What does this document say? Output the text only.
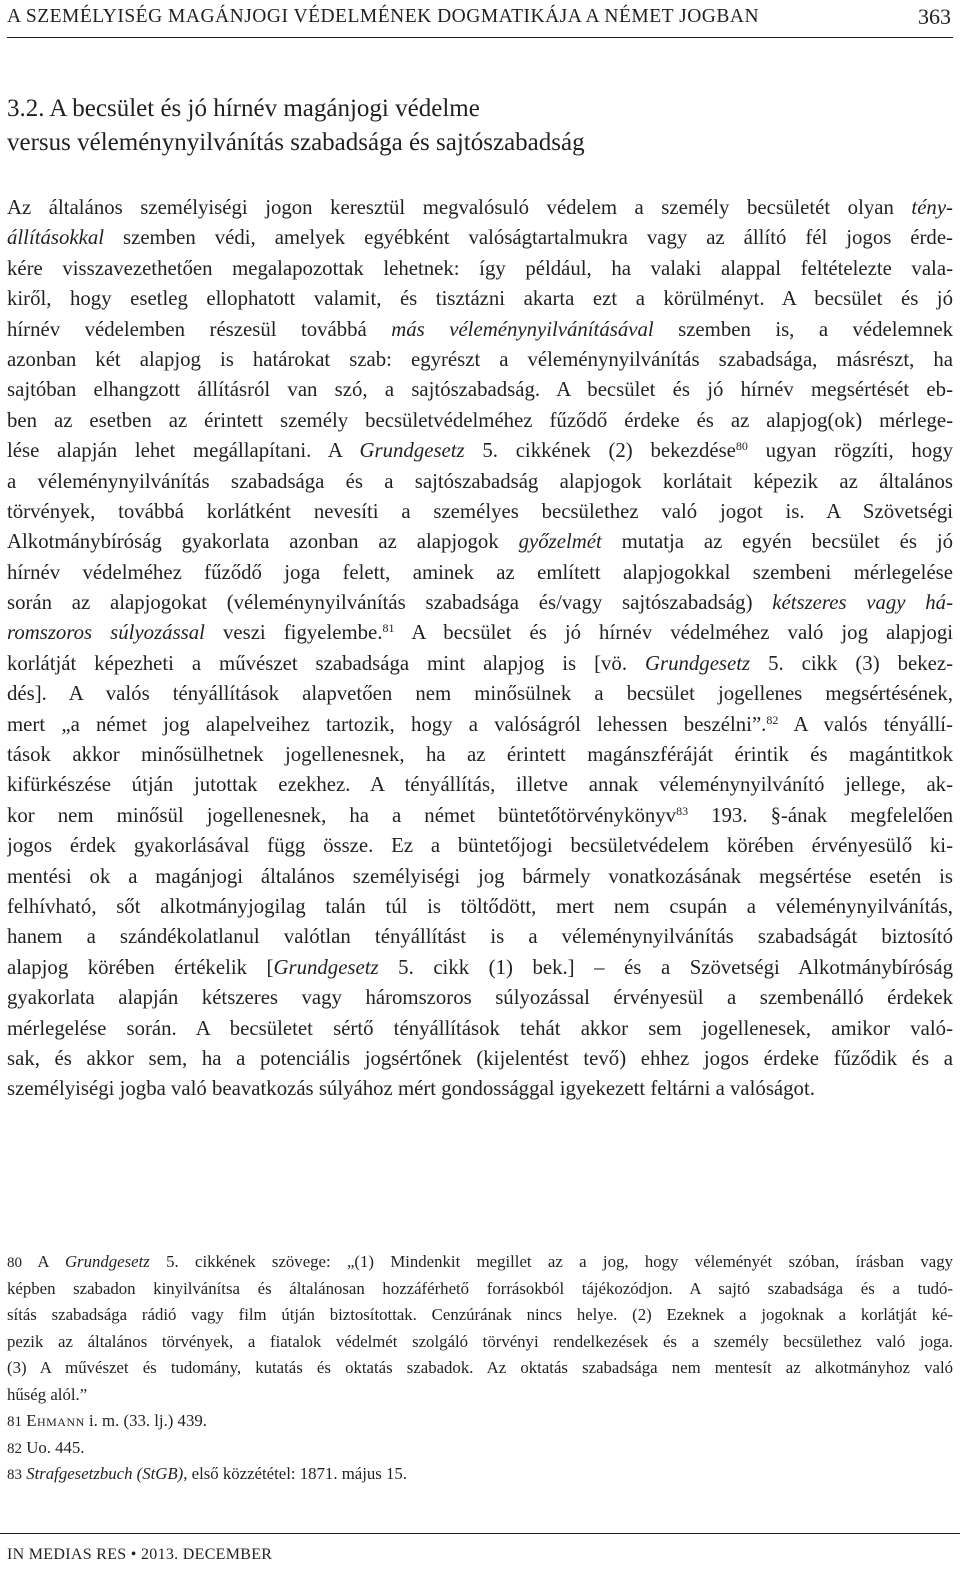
A SZEMÉLYISÉG MAGÁNJOGI VÉDELMÉNEK DOGMATIKÁJA A NÉMET JOGBAN	363
3.2. A becsület és jó hírnév magánjogi védelme
versus véleménynyilvánítás szabadsága és sajtószabadság
Az általános személyiségi jogon keresztül megvalósuló védelem a személy becsületét olyan tény-
állításokkal szemben védi, amelyek egyébként valóságtartalmukra vagy az állító fél jogos érde-
kére visszavezethetően megalapozottak lehetnek: így például, ha valaki alappal feltételezte vala-
kiről, hogy esetleg ellophatott valamit, és tisztázni akarta ezt a körülményt. A becsület és jó
hírnév védelemben részesül továbbá más véleménynyilvánításával szemben is, a védelemnek
azonban két alapjog is határokat szab: egyrészt a véleménynyilvánítás szabadsága, másrészt, ha
sajtóban elhangzott állításról van szó, a sajtószabadság. A becsület és jó hírnév megsértését eb-
ben az esetben az érintett személy becsületvédelméhez fűződő érdeke és az alapjog(ok) mérlege-
lése alapján lehet megállapítani. A Grundgesetz 5. cikkének (2) bekezdése$^{80}$ ugyan rögzíti, hogy
a véleménynyilvánítás szabadsága és a sajtószabadság alapjogok korlátait képezik az általános
törvények, továbbá korlátként nevesíti a személyes becsülethez való jogot is. A Szövetségi
Alkotmánybíróság gyakorlata azonban az alapjogok győzelmét mutatja az egyén becsület és jó
hírnév védelméhez fűződő joga felett, aminek az említett alapjogokkal szembeni mérlegelése
során az alapjogokat (véleménynyilvánítás szabadsága és/vagy sajtószabadság) kétszeres vagy há-
romszoros súlyozással veszi figyelembe.$^{81}$ A becsület és jó hírnév védelméhez való jog alapjogi
korlátját képezheti a művészet szabadsága mint alapjog is [vö. Grundgesetz 5. cikk (3) bekez-
dés]. A valós tényállítások alapvetően nem minősülnek a becsület jogellenes megsértésének,
mert „a német jog alapelveihez tartozik, hogy a valóságról lehessen beszélni”.$^{82}$ A valós tényállí-
tások akkor minősülhetnek jogellenesnek, ha az érintett magánszféráját érintik és magántitkok
kifürkészése útján jutottak ezekhez. A tényállítás, illetve annak véleménynyilvánító jellege, ak-
kor nem minősül jogellenesnek, ha a német büntetőtörvénykönyv$^{83}$ 193. §-ának megfelelően
jogos érdek gyakorlásával függ össze. Ez a büntetőjogi becsületvédelem körében érvényesülő ki-
mentési ok a magánjogi általános személyiségi jog bármely vonatkozásának megsértése esetén is
felhívható, sőt alkotmányjogilag talán túl is töltődött, mert nem csupán a véleménynyilvánítás,
hanem a szándékolatlanul valótlan tényállítást is a véleménynyilvánítás szabadságát biztosító
alapjog körében értékelik [Grundgesetz 5. cikk (1) bek.] – és a Szövetségi Alkotmánybíróság
gyakorlata alapján kétszeres vagy háromszoros súlyozással érvényesül a szembenálló érdekek
mérlegelése során. A becsületet sértő tényállítások tehát akkor sem jogellenesek, amikor való-
sak, és akkor sem, ha a potenciális jogsértőnek (kijelentést tevő) ehhez jogos érdeke fűződik és a
személyiségi jogba való beavatkozás súlyához mért gondossággal igyekezett feltárni a valóságot.
80 A Grundgesetz 5. cikkének szövege: „(1) Mindenkit megillet az a jog, hogy véleményét szóban, írásban vagy
képben szabadon kinyilvánítsa és általánosan hozzáférhető forrásokból tájékozódjon. A sajtó szabadsága és a tudó-
sítás szabadsága rádió vagy film útján biztosítottak. Cenzúrának nincs helye. (2) Ezeknek a jogoknak a korlátját ké-
pezik az általános törvények, a fiatalok védelmét szolgáló törvényi rendelkezések és a személy becsülethez való joga.
(3) A művészet és tudomány, kutatás és oktatás szabadok. Az oktatás szabadsága nem mentesít az alkotmányhoz való
hűség alól.”
81 Ehmann i. m. (33. lj.) 439.
82 Uo. 445.
83 Strafgesetzbuch (StGB), első közzététel: 1871. május 15.
IN MEDIAS RES • 2013. DECEMBER
